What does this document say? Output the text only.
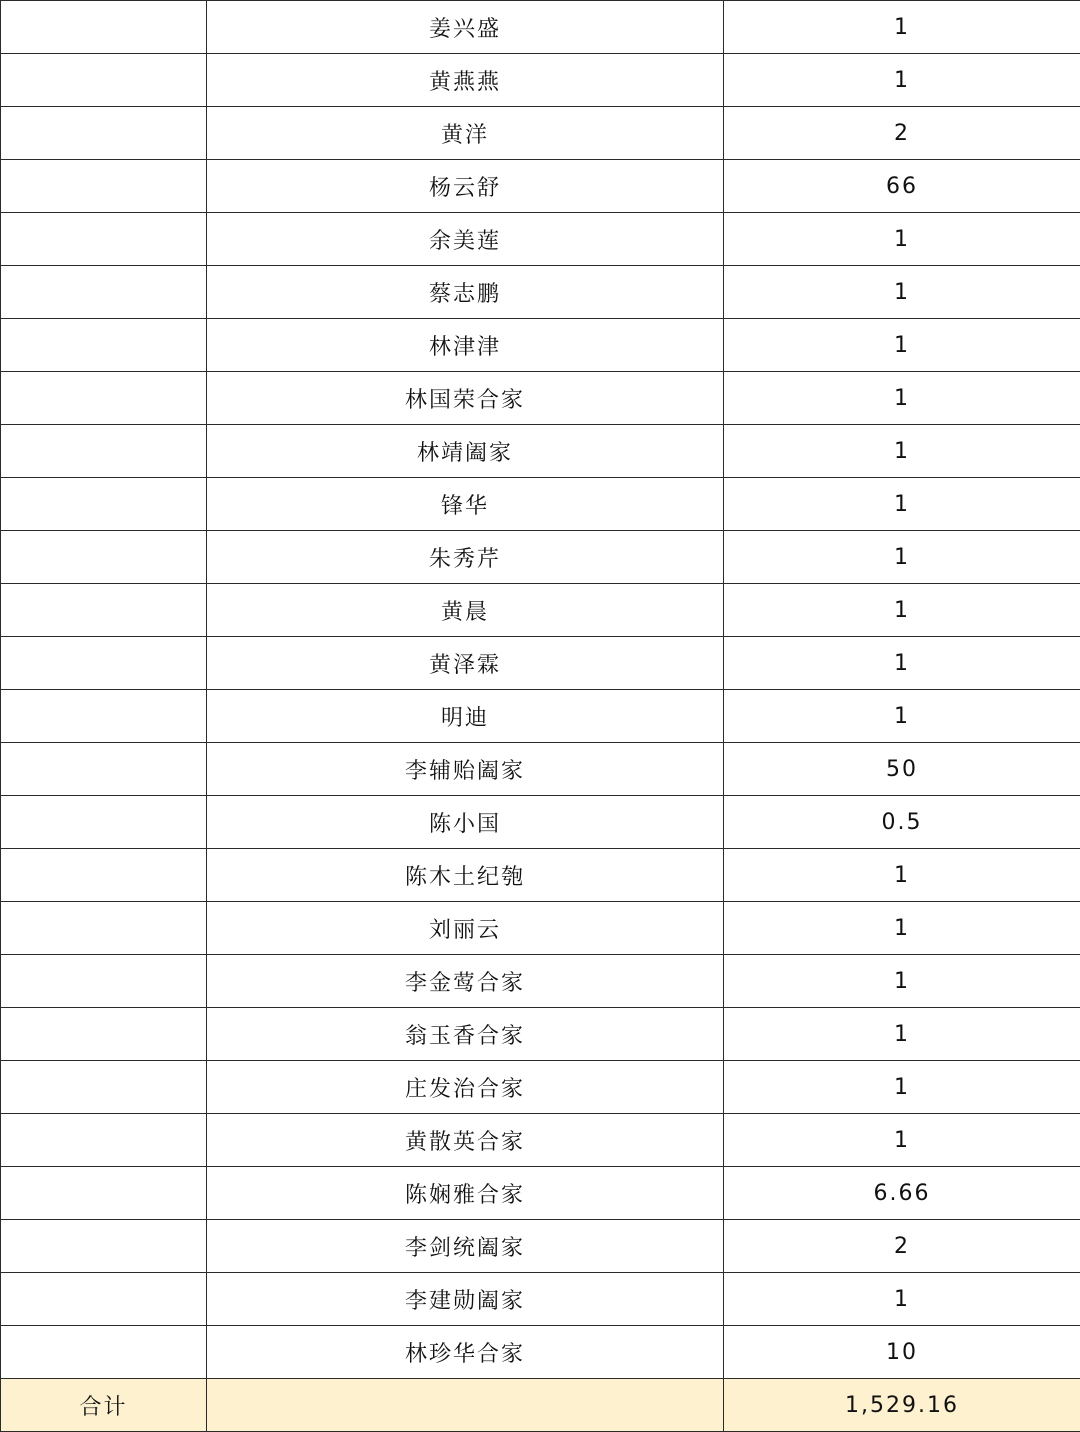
	姜兴盛	1
	黄燕燕	1
	黄洋	2
	杨云舒	66
	余美莲	1
	蔡志鹏	1
	林津津	1
	林国荣合家	1
	林靖阖家	1
	锋华	1
	朱秀芹	1
	黄晨	1
	黄泽霖	1
	明迪	1
	李辅贻阖家	50
	陈小国	0.5
	陈木土纪匏	1
	刘丽云	1
	李金莺合家	1
	翁玉香合家	1
	庄发治合家	1
	黄散英合家	1
	陈娴雅合家	6.66
	李剑统阖家	2
	李建勋阖家	1
	林珍华合家	10
合计		1,529.16
